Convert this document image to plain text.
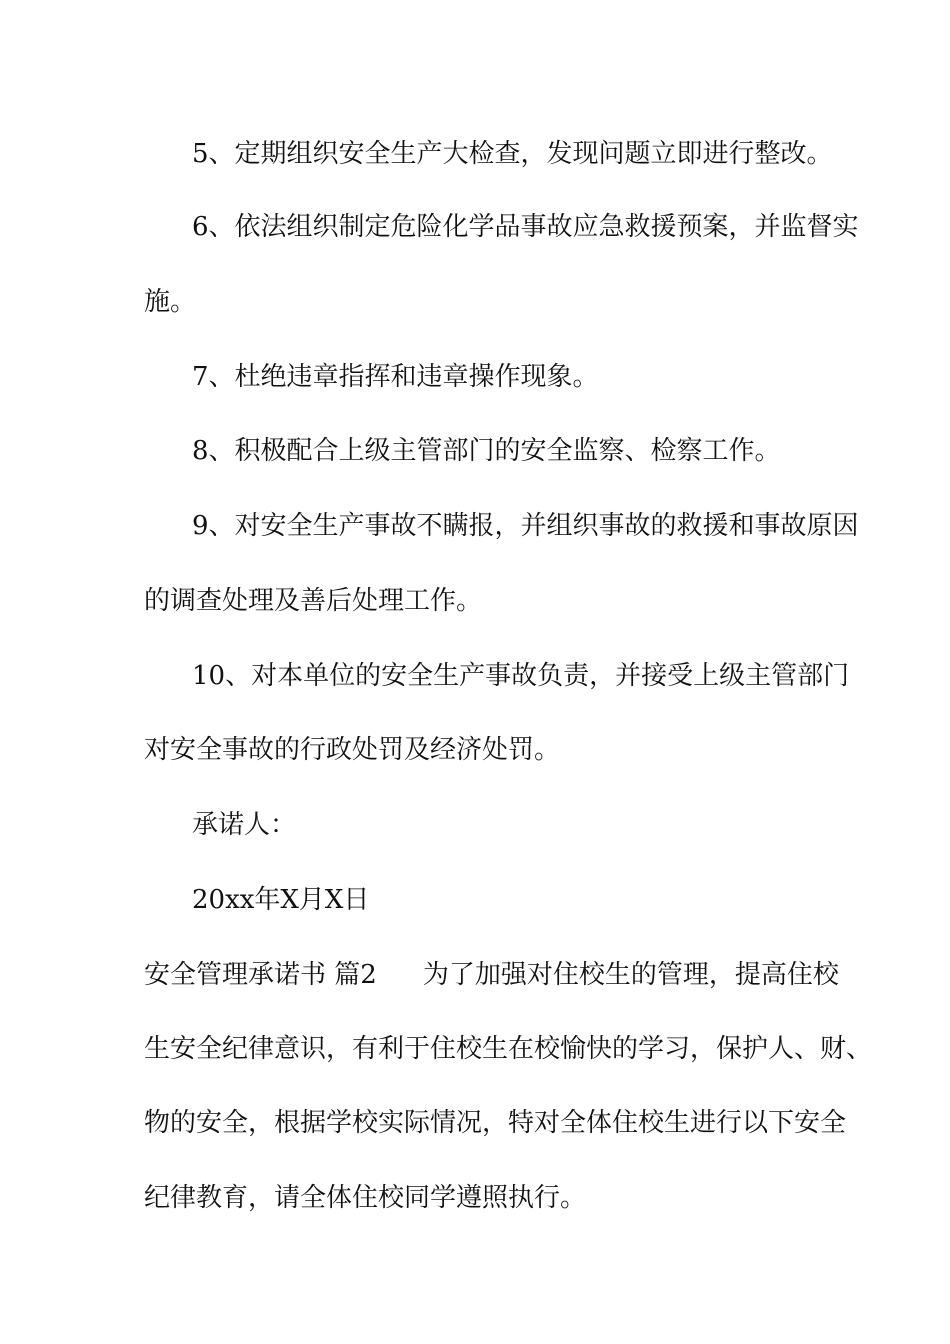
5、定期组织安全生产大检查，发现问题立即进行整改。
6、依法组织制定危险化学品事故应急救援预案，并监督实
施。
7、杜绝违章指挥和违章操作现象。
8、积极配合上级主管部门的安全监察、检察工作。
9、对安全生产事故不瞒报，并组织事故的救援和事故原因
的调查处理及善后处理工作。
10、对本单位的安全生产事故负责，并接受上级主管部门
对安全事故的行政处罚及经济处罚。
承诺人：
20xx年X月X日
安全管理承诺书 篇2 为了加强对住校生的管理，提高住校
生安全纪律意识，有利于住校生在校愉快的学习，保护人、财、
物的安全，根据学校实际情况，特对全体住校生进行以下安全
纪律教育，请全体住校同学遵照执行。
